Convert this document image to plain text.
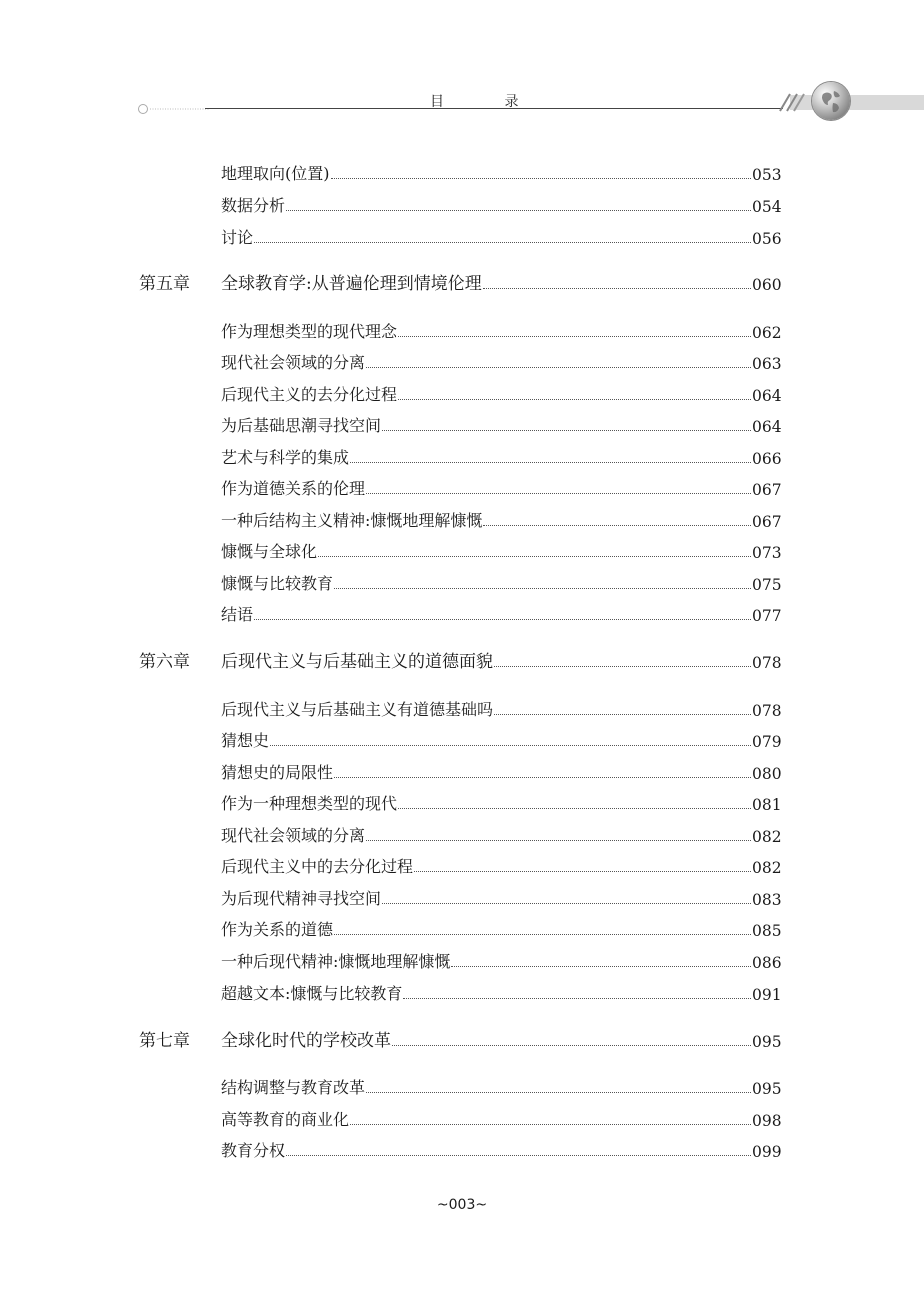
目 录
地理取向(位置)	053
数据分析	054
讨论	056
第五章 全球教育学:从普遍伦理到情境伦理	060
作为理想类型的现代理念	062
现代社会领域的分离	063
后现代主义的去分化过程	064
为后基础思潮寻找空间	064
艺术与科学的集成	066
作为道德关系的伦理	067
一种后结构主义精神:慷慨地理解慷慨	067
慷慨与全球化	073
慷慨与比较教育	075
结语	077
第六章 后现代主义与后基础主义的道德面貌	078
后现代主义与后基础主义有道德基础吗	078
猜想史	079
猜想史的局限性	080
作为一种理想类型的现代	081
现代社会领域的分离	082
后现代主义中的去分化过程	082
为后现代精神寻找空间	083
作为关系的道德	085
一种后现代精神:慷慨地理解慷慨	086
超越文本:慷慨与比较教育	091
第七章 全球化时代的学校改革	095
结构调整与教育改革	095
高等教育的商业化	098
教育分权	099
~003~
